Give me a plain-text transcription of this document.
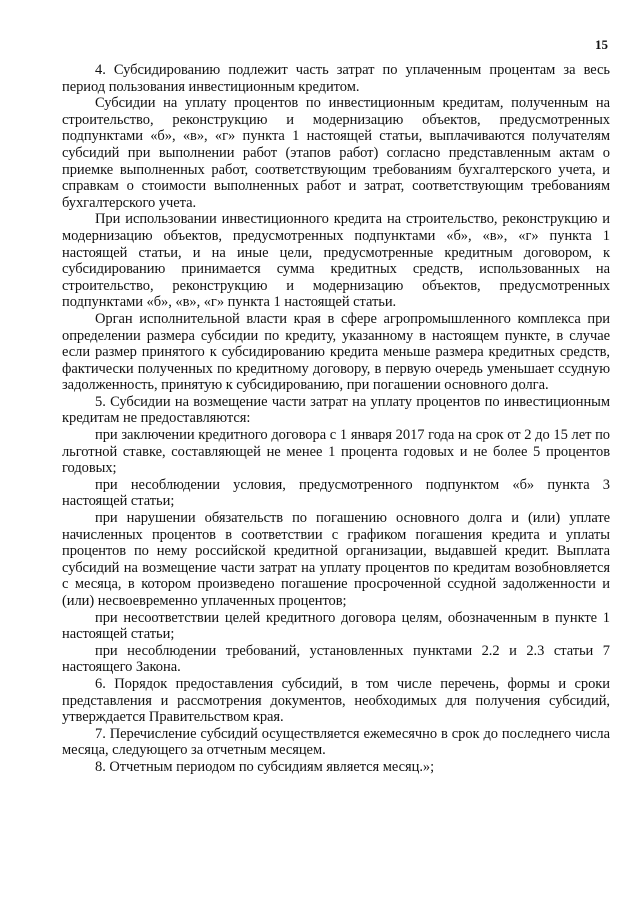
15

4. Субсидированию подлежит часть затрат по уплаченным процентам за весь период пользования инвестиционным кредитом.

Субсидии на уплату процентов по инвестиционным кредитам, полученным на строительство, реконструкцию и модернизацию объектов, предусмотренных подпунктами «б», «в», «г» пункта 1 настоящей статьи, выплачиваются получателям субсидий при выполнении работ (этапов работ) согласно представленным актам о приемке выполненных работ, соответствующим требованиям бухгалтерского учета, и справкам о стоимости выполненных работ и затрат, соответствующим требованиям бухгалтерского учета.

При использовании инвестиционного кредита на строительство, реконструкцию и модернизацию объектов, предусмотренных подпунктами «б», «в», «г» пункта 1 настоящей статьи, и на иные цели, предусмотренные кредитным договором, к субсидированию принимается сумма кредитных средств, использованных на строительство, реконструкцию и модернизацию объектов, предусмотренных подпунктами «б», «в», «г» пункта 1 настоящей статьи.

Орган исполнительной власти края в сфере агропромышленного комплекса при определении размера субсидии по кредиту, указанному в настоящем пункте, в случае если размер принятого к субсидированию кредита меньше размера кредитных средств, фактически полученных по кредитному договору, в первую очередь уменьшает ссудную задолженность, принятую к субсидированию, при погашении основного долга.

5. Субсидии на возмещение части затрат на уплату процентов по инвестиционным кредитам не предоставляются:

при заключении кредитного договора с 1 января 2017 года на срок от 2 до 15 лет по льготной ставке, составляющей не менее 1 процента годовых и не более 5 процентов годовых;

при несоблюдении условия, предусмотренного подпунктом «б» пункта 3 настоящей статьи;

при нарушении обязательств по погашению основного долга и (или) уплате начисленных процентов в соответствии с графиком погашения кредита и уплаты процентов по нему российской кредитной организации, выдавшей кредит. Выплата субсидий на возмещение части затрат на уплату процентов по кредитам возобновляется с месяца, в котором произведено погашение просроченной ссудной задолженности и (или) несвоевременно уплаченных процентов;

при несоответствии целей кредитного договора целям, обозначенным в пункте 1 настоящей статьи;

при несоблюдении требований, установленных пунктами 2.2 и 2.3 статьи 7 настоящего Закона.

6. Порядок предоставления субсидий, в том числе перечень, формы и сроки представления и рассмотрения документов, необходимых для получения субсидий, утверждается Правительством края.

7. Перечисление субсидий осуществляется ежемесячно в срок до последнего числа месяца, следующего за отчетным месяцем.

8. Отчетным периодом по субсидиям является месяц.»;
